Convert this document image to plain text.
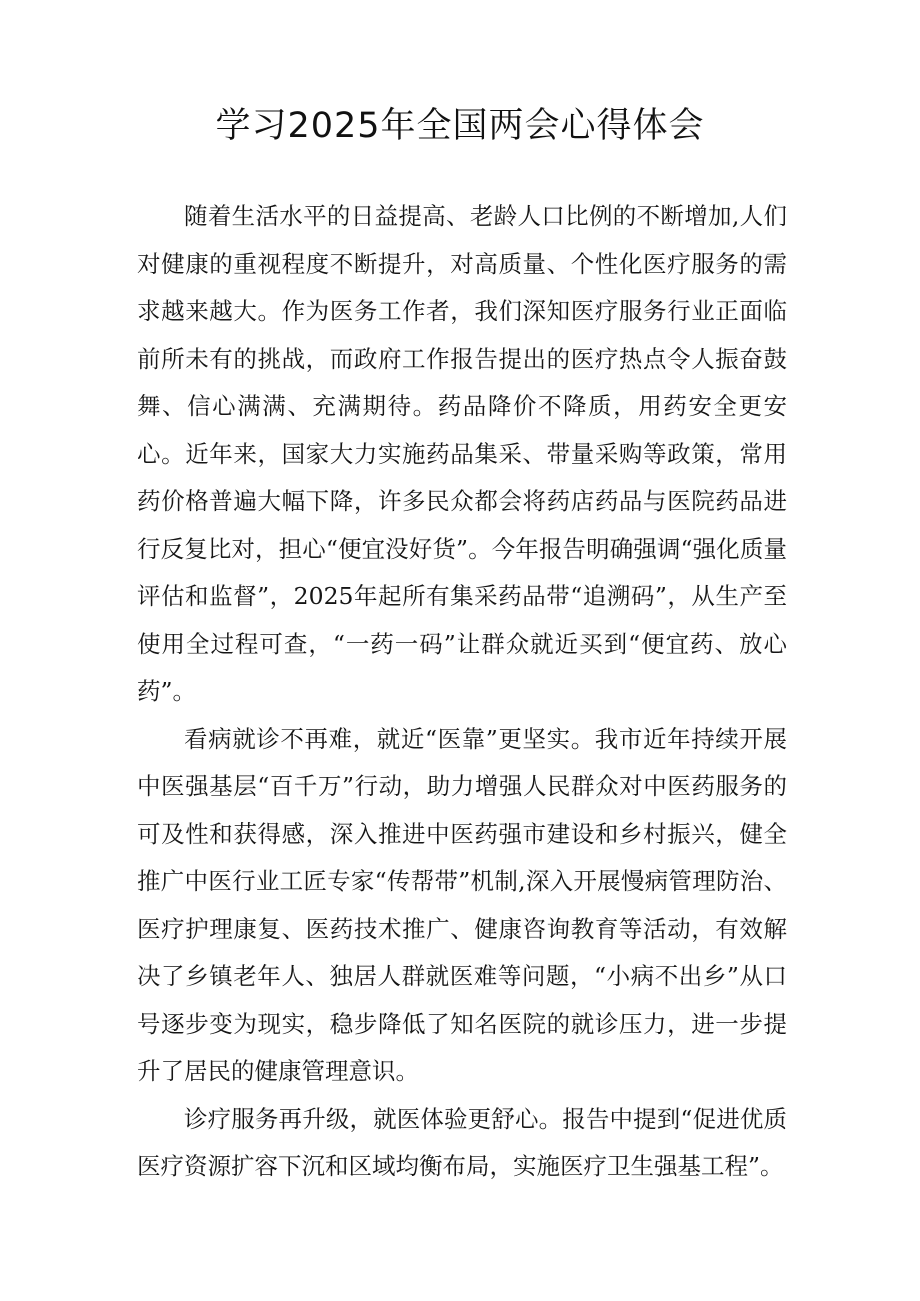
学习2025年全国两会心得体会

随着生活水平的日益提高、老龄人口比例的不断增加,人们对健康的重视程度不断提升，对高质量、个性化医疗服务的需求越来越大。作为医务工作者，我们深知医疗服务行业正面临前所未有的挑战，而政府工作报告提出的医疗热点令人振奋鼓舞、信心满满、充满期待。药品降价不降质，用药安全更安心。近年来，国家大力实施药品集采、带量采购等政策，常用药价格普遍大幅下降，许多民众都会将药店药品与医院药品进行反复比对，担心“便宜没好货”。今年报告明确强调“强化质量评估和监督”，2025年起所有集采药品带“追溯码”，从生产至使用全过程可查，“一药一码”让群众就近买到“便宜药、放心药”。

看病就诊不再难，就近“医靠”更坚实。我市近年持续开展中医强基层“百千万”行动，助力增强人民群众对中医药服务的可及性和获得感，深入推进中医药强市建设和乡村振兴，健全推广中医行业工匠专家“传帮带”机制,深入开展慢病管理防治、医疗护理康复、医药技术推广、健康咨询教育等活动，有效解决了乡镇老年人、独居人群就医难等问题，“小病不出乡”从口号逐步变为现实，稳步降低了知名医院的就诊压力，进一步提升了居民的健康管理意识。

诊疗服务再升级，就医体验更舒心。报告中提到“促进优质医疗资源扩容下沉和区域均衡布局，实施医疗卫生强基工程”。
